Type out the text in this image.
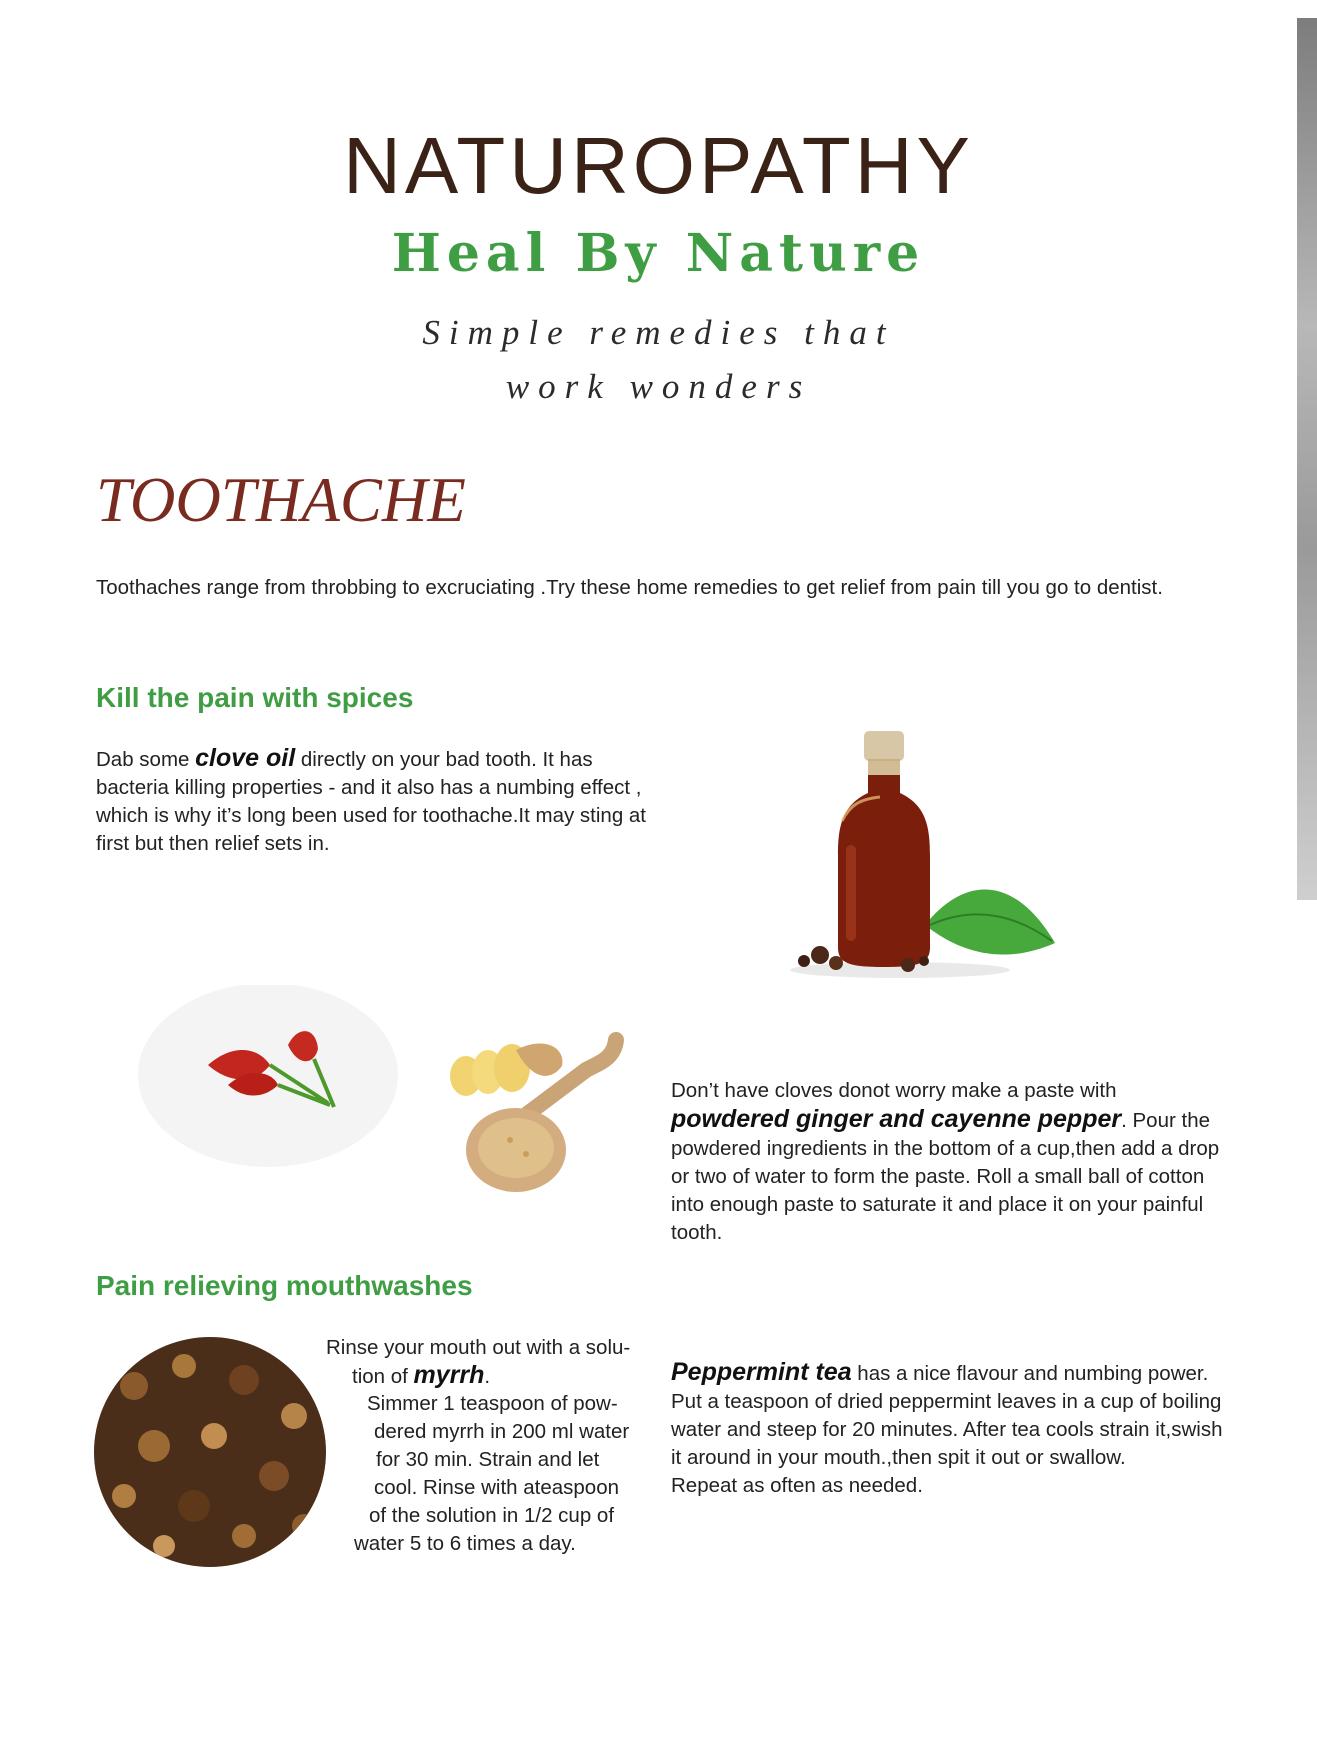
NATUROPATHY
Heal By Nature
Simple remedies that
work wonders
TOOTHACHE
Toothaches range from throbbing to excruciating .Try these home remedies to get relief from pain till you go to dentist.
Kill the pain with spices
Dab some clove oil directly on your bad tooth. It has bacteria killing properties - and it also has a numbing effect , which is why it’s long been used for toothache.It may sting at first but then relief sets in.
Don’t have cloves donot worry make a paste with powdered ginger and cayenne pepper. Pour the powdered ingredients in the bottom of a cup,then add a drop or two of water to form the paste. Roll a small ball of cotton into enough paste to saturate it and place it on your painful tooth.
Pain relieving mouthwashes
Rinse your mouth out with a solu-
tion of myrrh.
Simmer 1 teaspoon of pow-
dered myrrh in 200 ml water
for 30 min. Strain and let
cool. Rinse with ateaspoon
of the solution in 1/2 cup of
water 5 to 6 times a day.
Peppermint tea has a nice flavour and numbing power. Put a teaspoon of dried peppermint leaves in a cup of boiling water and steep for 20 minutes. After tea cools strain it,swish it around in your mouth.,then spit it out or swallow.
Repeat as often as needed.
